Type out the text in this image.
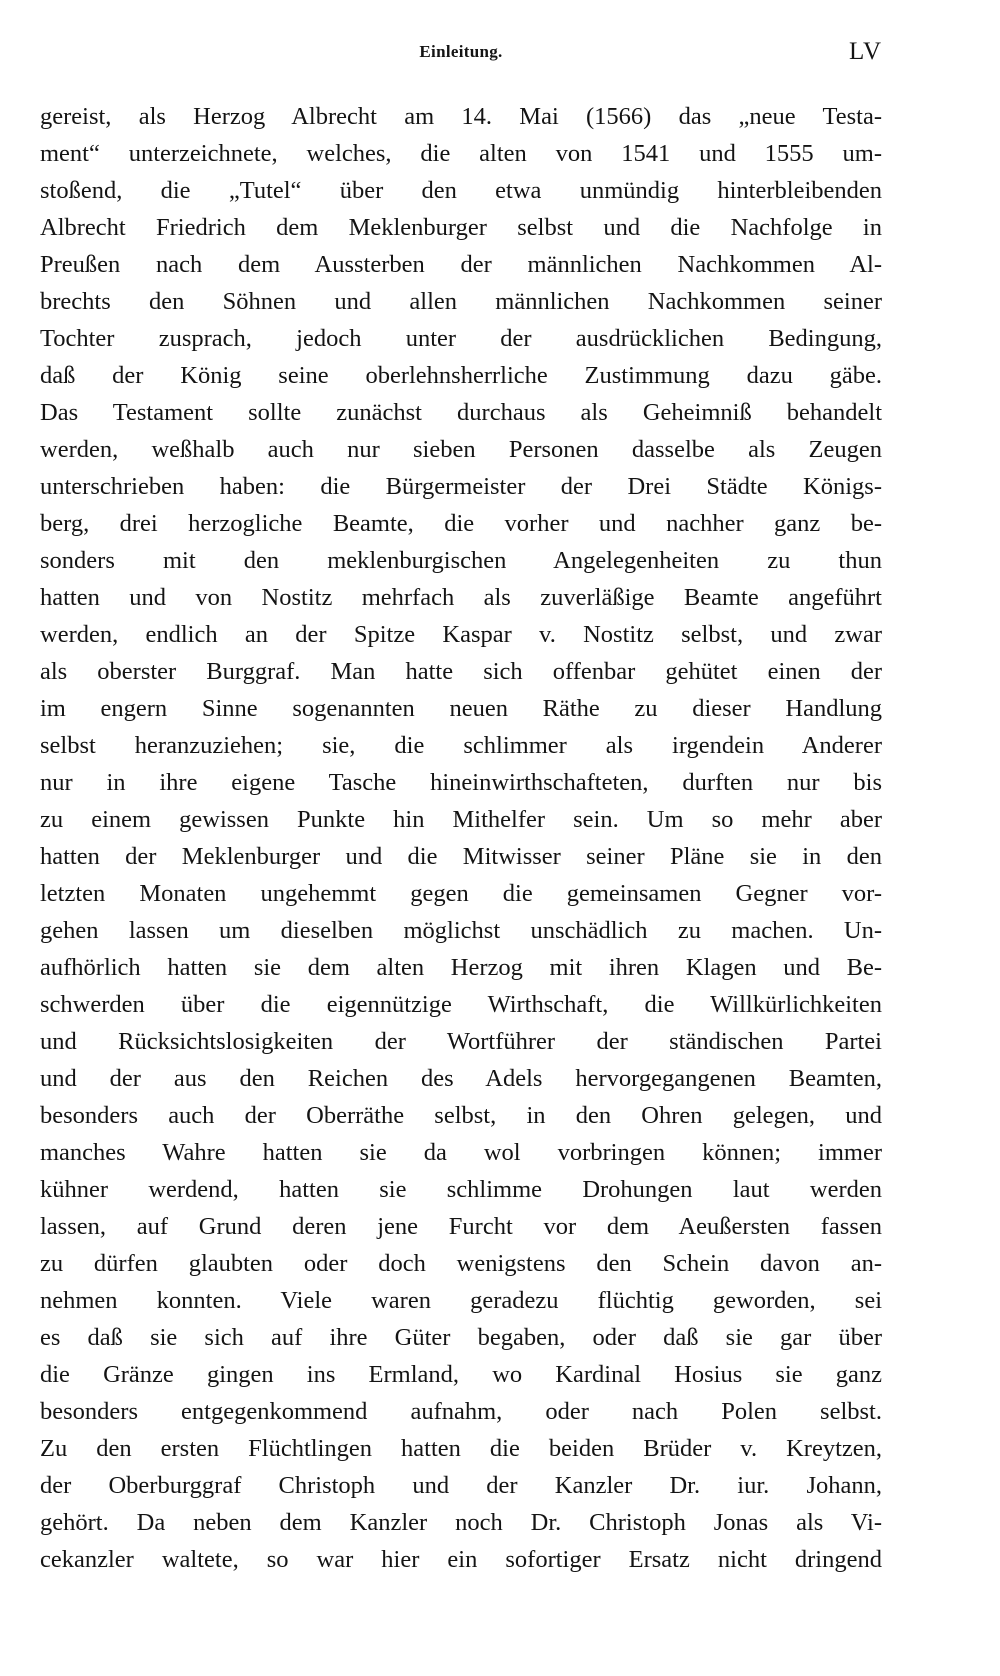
Einleitung.	LV
gereist, als Herzog Albrecht am 14. Mai (1566) das „neue Testa-
ment“ unterzeichnete, welches, die alten von 1541 und 1555 um-
stoßend, die „Tutel“ über den etwa unmündig hinterbleibenden
Albrecht Friedrich dem Meklenburger selbst und die Nachfolge in
Preußen nach dem Aussterben der männlichen Nachkommen Al-
brechts den Söhnen und allen männlichen Nachkommen seiner
Tochter zusprach, jedoch unter der ausdrücklichen Bedingung,
daß der König seine oberlehnsherrliche Zustimmung dazu gäbe.
Das Testament sollte zunächst durchaus als Geheimniß behandelt
werden, weßhalb auch nur sieben Personen dasselbe als Zeugen
unterschrieben haben: die Bürgermeister der Drei Städte Königs-
berg, drei herzogliche Beamte, die vorher und nachher ganz be-
sonders mit den meklenburgischen Angelegenheiten zu thun
hatten und von Nostitz mehrfach als zuverläßige Beamte angeführt
werden, endlich an der Spitze Kaspar v. Nostitz selbst, und zwar
als oberster Burggraf. Man hatte sich offenbar gehütet einen der
im engern Sinne sogenannten neuen Räthe zu dieser Handlung
selbst heranzuziehen; sie, die schlimmer als irgendein Anderer
nur in ihre eigene Tasche hineinwirthschafteten, durften nur bis
zu einem gewissen Punkte hin Mithelfer sein. Um so mehr aber
hatten der Meklenburger und die Mitwisser seiner Pläne sie in den
letzten Monaten ungehemmt gegen die gemeinsamen Gegner vor-
gehen lassen um dieselben möglichst unschädlich zu machen. Un-
aufhörlich hatten sie dem alten Herzog mit ihren Klagen und Be-
schwerden über die eigennützige Wirthschaft, die Willkürlichkeiten
und Rücksichtslosigkeiten der Wortführer der ständischen Partei
und der aus den Reichen des Adels hervorgegangenen Beamten,
besonders auch der Oberräthe selbst, in den Ohren gelegen, und
manches Wahre hatten sie da wol vorbringen können; immer
kühner werdend, hatten sie schlimme Drohungen laut werden
lassen, auf Grund deren jene Furcht vor dem Aeußersten fassen
zu dürfen glaubten oder doch wenigstens den Schein davon an-
nehmen konnten. Viele waren geradezu flüchtig geworden, sei
es daß sie sich auf ihre Güter begaben, oder daß sie gar über
die Gränze gingen ins Ermland, wo Kardinal Hosius sie ganz
besonders entgegenkommend aufnahm, oder nach Polen selbst.
Zu den ersten Flüchtlingen hatten die beiden Brüder v. Kreytzen,
der Oberburggraf Christoph und der Kanzler Dr. iur. Johann,
gehört. Da neben dem Kanzler noch Dr. Christoph Jonas als Vi-
cekanzler waltete, so war hier ein sofortiger Ersatz nicht dringend
